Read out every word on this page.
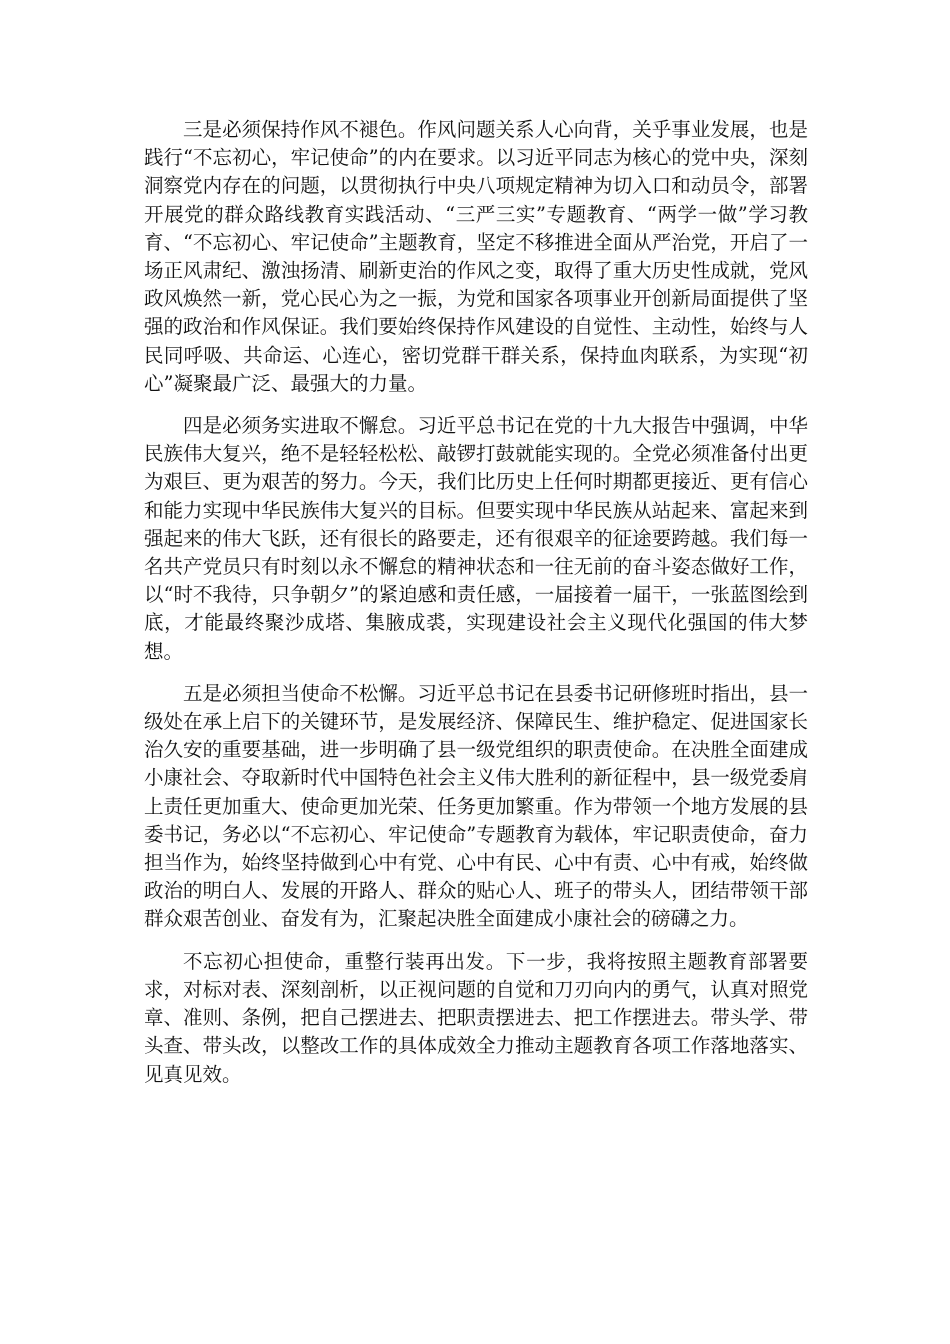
三是必须保持作风不褪色。作风问题关系人心向背，关乎事业发展，也是践行“不忘初心，牢记使命”的内在要求。以习近平同志为核心的党中央，深刻洞察党内存在的问题，以贯彻执行中央八项规定精神为切入口和动员令，部署开展党的群众路线教育实践活动、“三严三实”专题教育、“两学一做”学习教育、“不忘初心、牢记使命”主题教育，坚定不移推进全面从严治党，开启了一场正风肃纪、激浊扬清、刷新吏治的作风之变，取得了重大历史性成就，党风政风焕然一新，党心民心为之一振，为党和国家各项事业开创新局面提供了坚强的政治和作风保证。我们要始终保持作风建设的自觉性、主动性，始终与人民同呼吸、共命运、心连心，密切党群干群关系，保持血肉联系，为实现“初心”凝聚最广泛、最强大的力量。

四是必须务实进取不懈怠。习近平总书记在党的十九大报告中强调，中华民族伟大复兴，绝不是轻轻松松、敲锣打鼓就能实现的。全党必须准备付出更为艰巨、更为艰苦的努力。今天，我们比历史上任何时期都更接近、更有信心和能力实现中华民族伟大复兴的目标。但要实现中华民族从站起来、富起来到强起来的伟大飞跃，还有很长的路要走，还有很艰辛的征途要跨越。我们每一名共产党员只有时刻以永不懈怠的精神状态和一往无前的奋斗姿态做好工作，以“时不我待，只争朝夕”的紧迫感和责任感，一届接着一届干，一张蓝图绘到底，才能最终聚沙成塔、集腋成裘，实现建设社会主义现代化强国的伟大梦想。

五是必须担当使命不松懈。习近平总书记在县委书记研修班时指出，县一级处在承上启下的关键环节，是发展经济、保障民生、维护稳定、促进国家长治久安的重要基础，进一步明确了县一级党组织的职责使命。在决胜全面建成小康社会、夺取新时代中国特色社会主义伟大胜利的新征程中，县一级党委肩上责任更加重大、使命更加光荣、任务更加繁重。作为带领一个地方发展的县委书记，务必以“不忘初心、牢记使命”专题教育为载体，牢记职责使命，奋力担当作为，始终坚持做到心中有党、心中有民、心中有责、心中有戒，始终做政治的明白人、发展的开路人、群众的贴心人、班子的带头人，团结带领干部群众艰苦创业、奋发有为，汇聚起决胜全面建成小康社会的磅礴之力。

不忘初心担使命，重整行装再出发。下一步，我将按照主题教育部署要求，对标对表、深刻剖析，以正视问题的自觉和刀刃向内的勇气，认真对照党章、准则、条例，把自己摆进去、把职责摆进去、把工作摆进去。带头学、带头查、带头改，以整改工作的具体成效全力推动主题教育各项工作落地落实、见真见效。
